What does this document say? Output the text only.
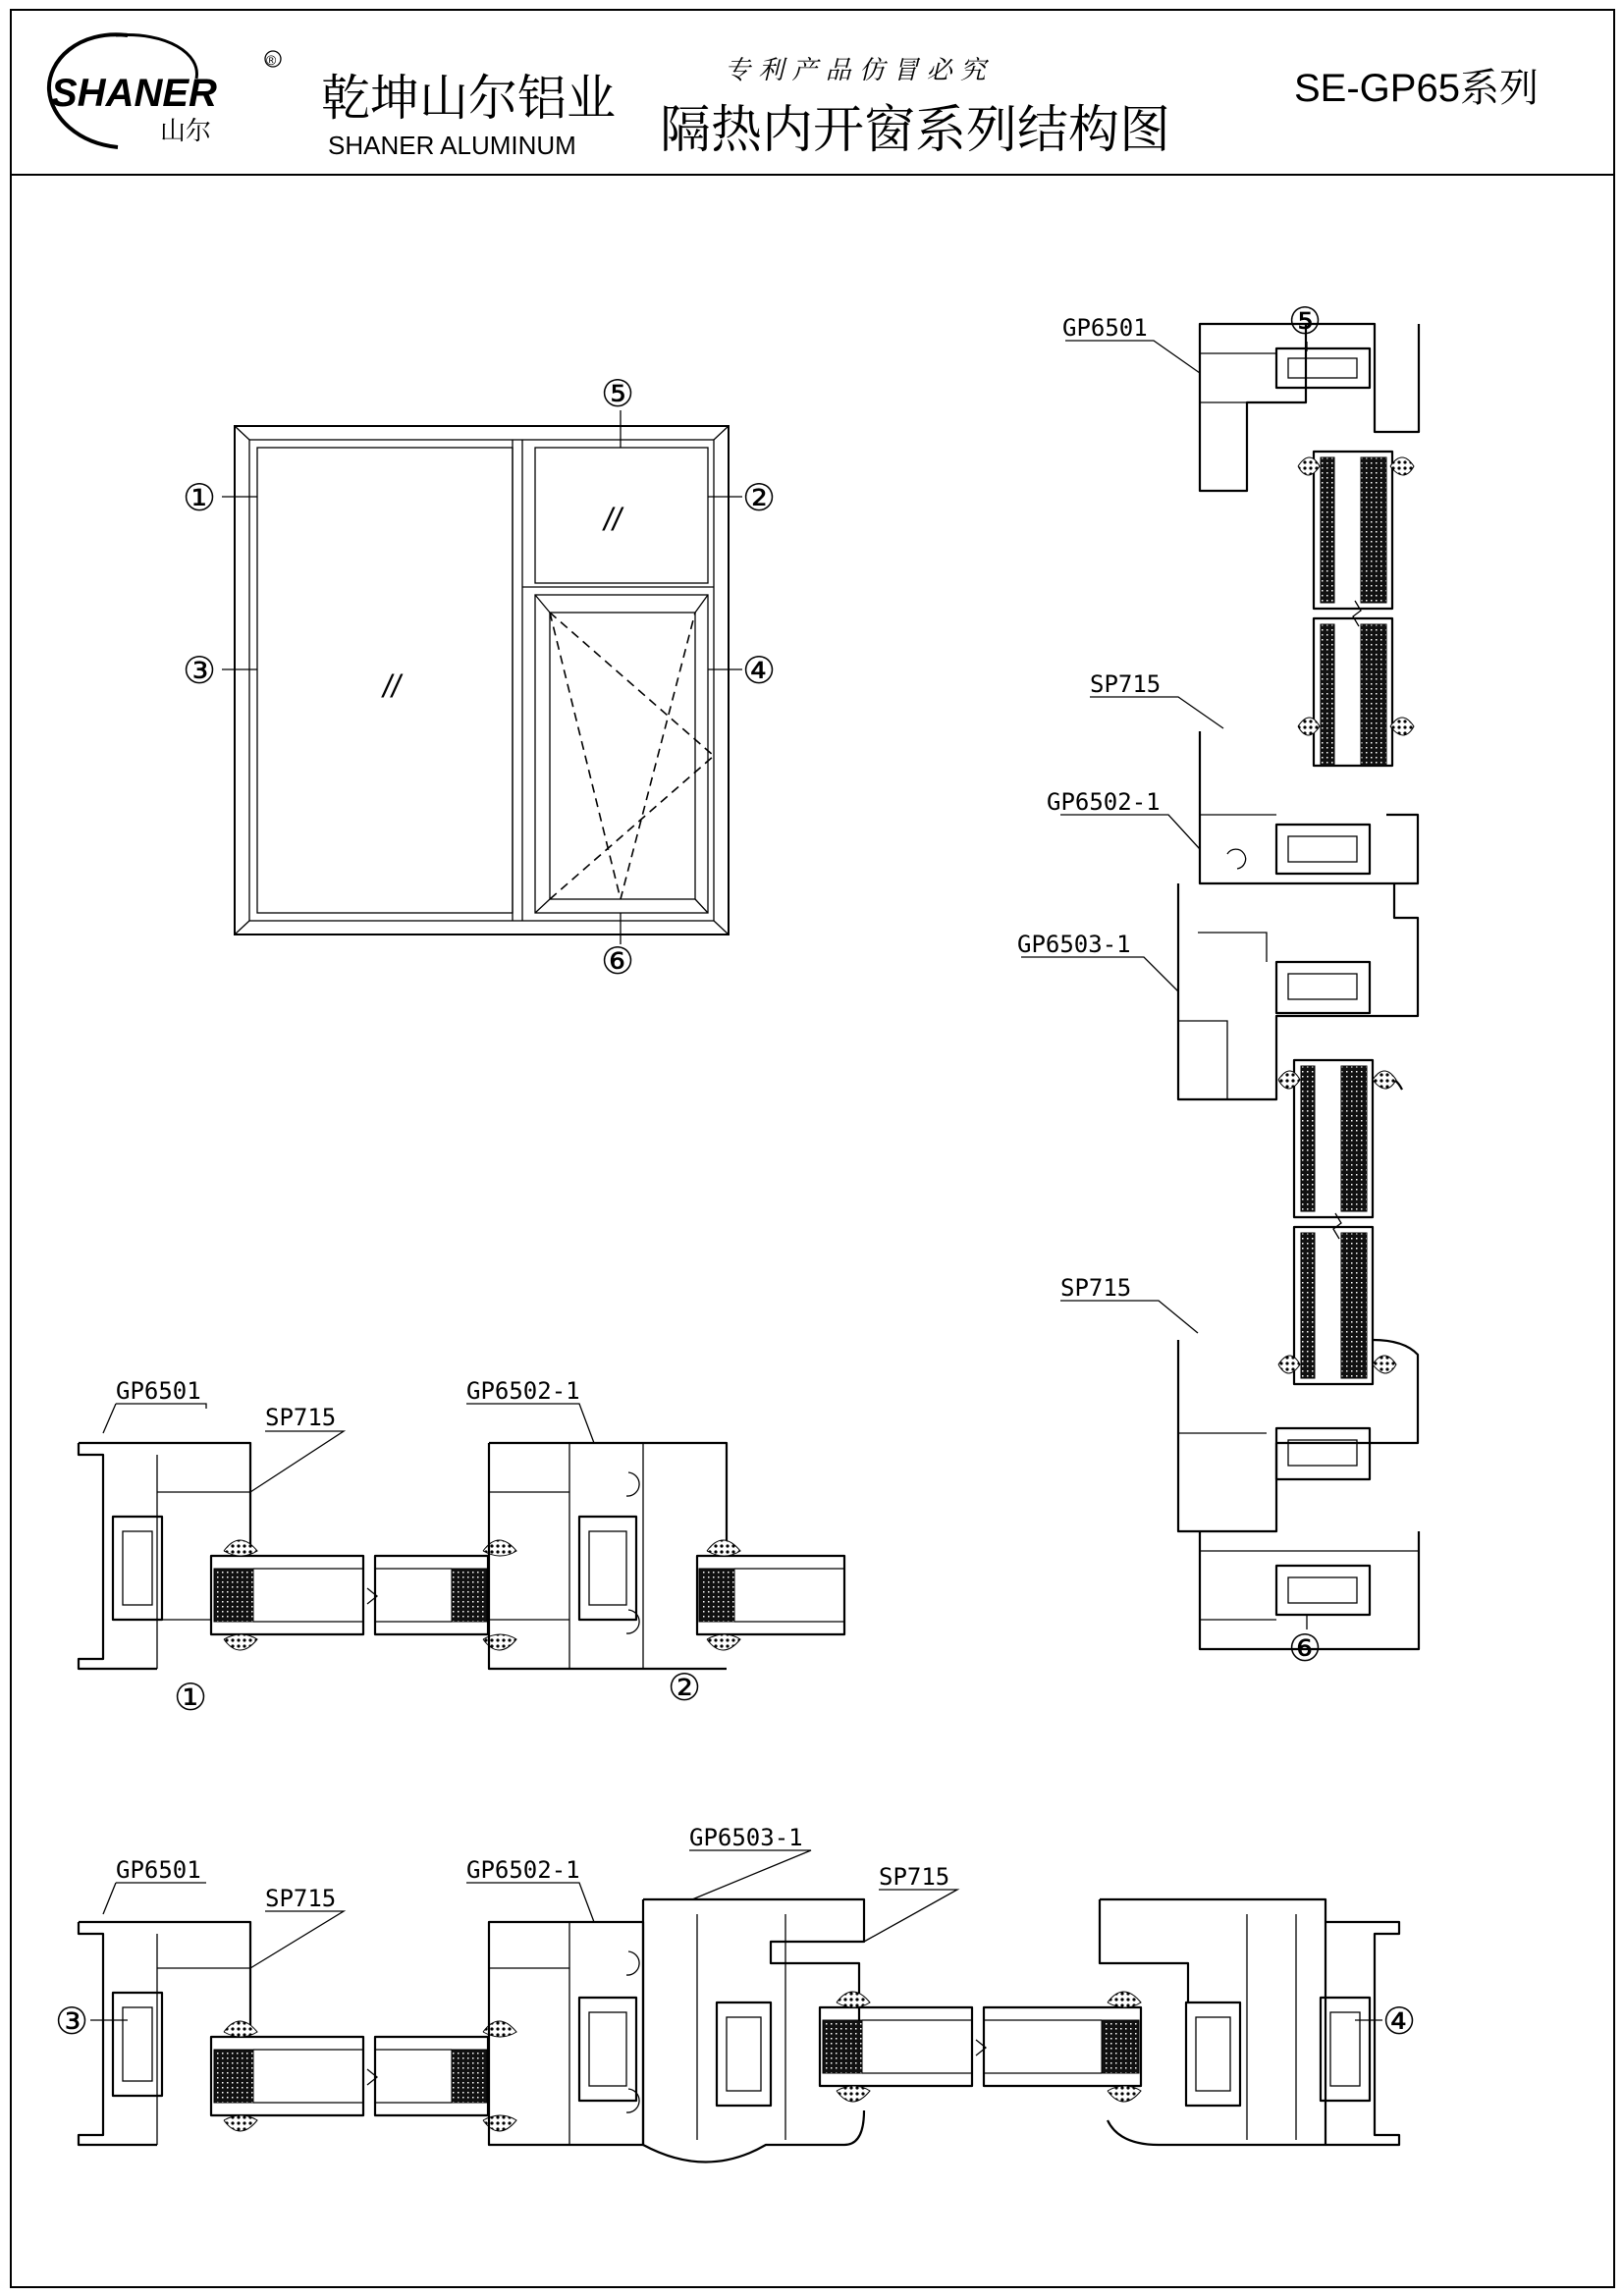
SHANER
山尔
®
乾坤山尔铝业
SHANER ALUMINUM
专 利 产 品 仿 冒 必 究
隔热内开窗系列结构图
SE-GP65系列
//
//
①
③
②
④
⑤
⑥
GP6501
SP715
GP6502-1
GP6503-1
SP715
⑤
⑥
GP6501
SP715
GP6502-1
①	②
GP6501
SP715
GP6502-1
GP6503-1
SP715
③	④
